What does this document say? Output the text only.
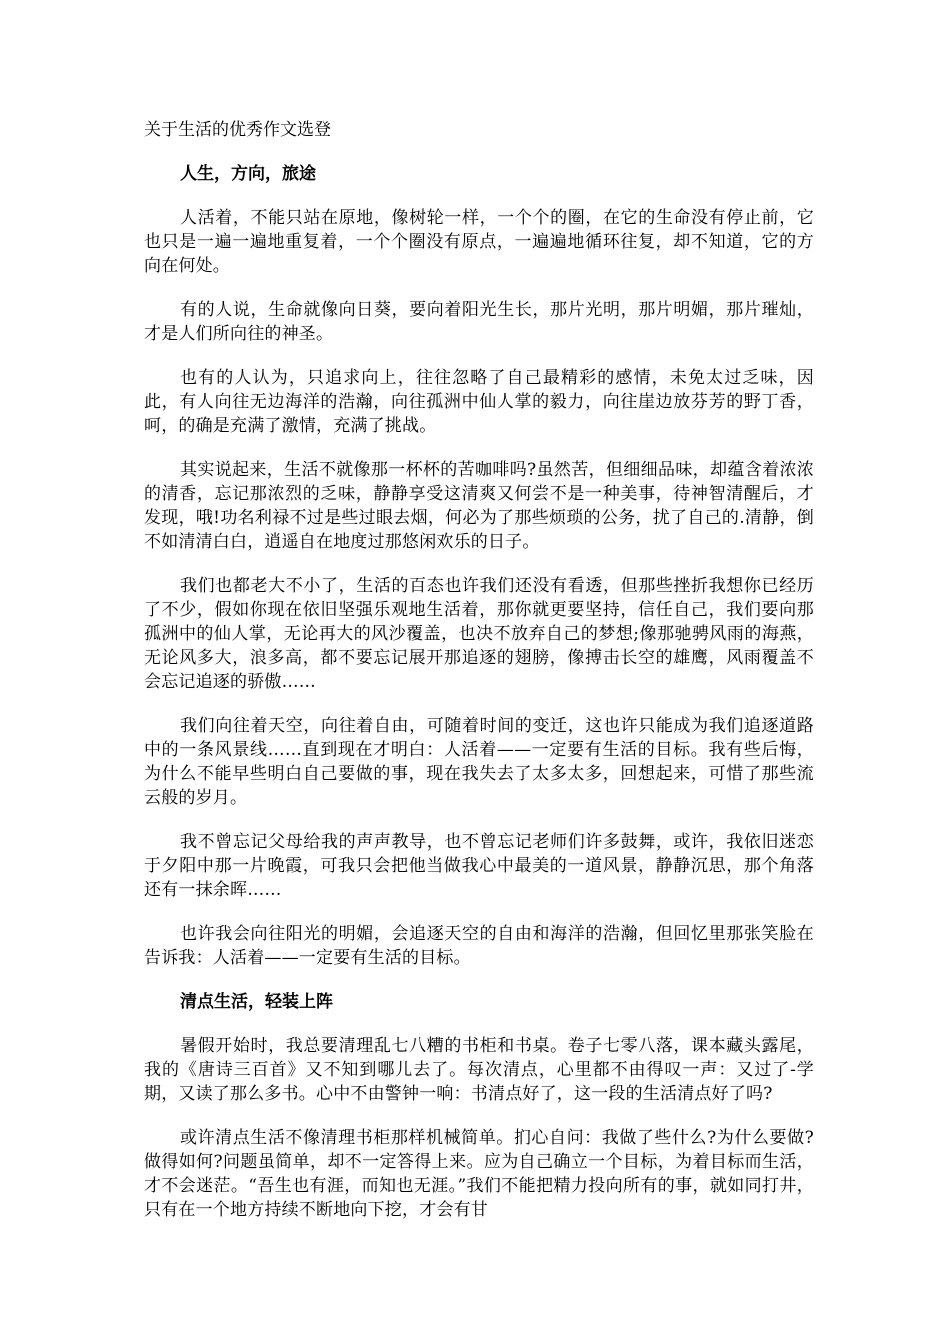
关于生活的优秀作文选登
人生，方向，旅途

人活着，不能只站在原地，像树轮一样，一个个的圈，在它的生命没有停止前，它也只是一遍一遍地重复着，一个个圈没有原点，一遍遍地循环往复，却不知道，它的方向在何处。

有的人说，生命就像向日葵，要向着阳光生长，那片光明，那片明媚，那片璀灿，才是人们所向往的神圣。

也有的人认为，只追求向上，往往忽略了自己最精彩的感情，未免太过乏味，因此，有人向往无边海洋的浩瀚，向往孤洲中仙人掌的毅力，向往崖边放芬芳的野丁香，呵，的确是充满了激情，充满了挑战。

其实说起来，生活不就像那一杯杯的苦咖啡吗?虽然苦，但细细品味，却蕴含着浓浓的清香，忘记那浓烈的乏味，静静享受这清爽又何尝不是一种美事，待神智清醒后，才发现，哦!功名利禄不过是些过眼去烟，何必为了那些烦琐的公务，扰了自己的.清静，倒不如清清白白，逍遥自在地度过那悠闲欢乐的日子。

我们也都老大不小了，生活的百态也许我们还没有看透，但那些挫折我想你已经历了不少，假如你现在依旧坚强乐观地生活着，那你就更要坚持，信任自己，我们要向那孤洲中的仙人掌，无论再大的风沙覆盖，也决不放弃自己的梦想;像那驰骋风雨的海燕，无论风多大，浪多高，都不要忘记展开那追逐的翅膀，像搏击长空的雄鹰，风雨覆盖不会忘记追逐的骄傲……

我们向往着天空，向往着自由，可随着时间的变迁，这也许只能成为我们追逐道路中的一条风景线……直到现在才明白：人活着——一定要有生活的目标。我有些后悔，为什么不能早些明白自己要做的事，现在我失去了太多太多，回想起来，可惜了那些流云般的岁月。

我不曾忘记父母给我的声声教导，也不曾忘记老师们许多鼓舞，或许，我依旧迷恋于夕阳中那一片晚霞，可我只会把他当做我心中最美的一道风景，静静沉思，那个角落还有一抹余晖……

也许我会向往阳光的明媚，会追逐天空的自由和海洋的浩瀚，但回忆里那张笑脸在告诉我：人活着——一定要有生活的目标。

清点生活，轻装上阵

暑假开始时，我总要清理乱七八糟的书柜和书桌。卷子七零八落，课本藏头露尾，我的《唐诗三百首》又不知到哪儿去了。每次清点，心里都不由得叹一声：又过了-学期，又读了那么多书。心中不由警钟一响：书清点好了，这一段的生活清点好了吗?

或许清点生活不像清理书柜那样机械简单。扪心自问：我做了些什么?为什么要做?做得如何?问题虽简单，却不一定答得上来。应为自己确立一个目标，为着目标而生活，才不会迷茫。“吾生也有涯，而知也无涯。”我们不能把精力投向所有的事，就如同打井，只有在一个地方持续不断地向下挖，才会有甘
